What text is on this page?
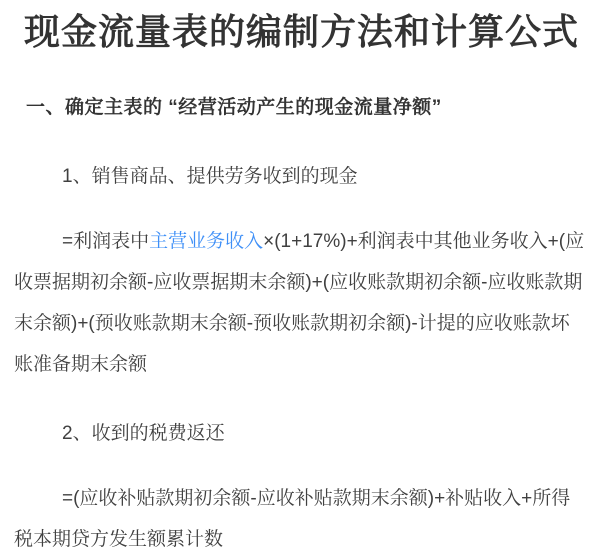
现金流量表的编制方法和计算公式
一、确定主表的 “经营活动产生的现金流量净额”

1、销售商品、提供劳务收到的现金

=利润表中主营业务收入×(1+17%)+利润表中其他业务收入+(应收票据期初余额-应收票据期末余额)+(应收账款期初余额-应收账款期末余额)+(预收账款期末余额-预收账款期初余额)-计提的应收账款坏账准备期末余额

2、收到的税费返还

=(应收补贴款期初余额-应收补贴款期末余额)+补贴收入+所得税本期贷方发生额累计数
